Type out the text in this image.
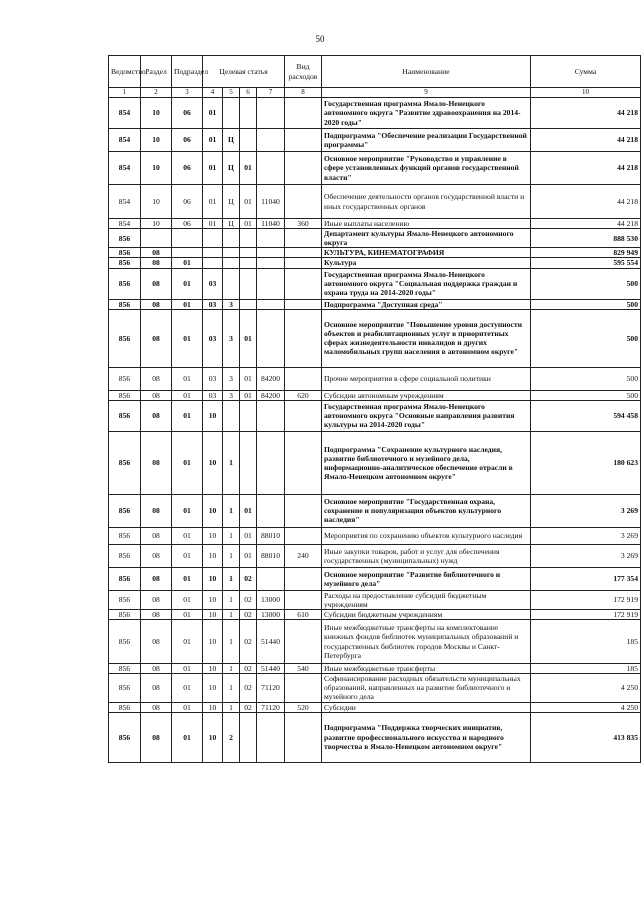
50
Ведомство	Раздел	Подраздел	Целевая статья				Вид расходов	Наименование	Сумма
1	2	3	4	5	6	7	8	9	10
854	10	06	01					Государственная программа Ямало-Ненецкого автономного округа "Развитие здравоохранения на 2014-2020 годы"	44 218
854	10	06	01	Ц				Подпрограмма "Обеспечение реализации Государственной программы"	44 218
854	10	06	01	Ц	01			Основное мероприятие "Руководство и управление в сфере установленных функций органов государственной власти"	44 218
854	10	06	01	Ц	01	11040		Обеспечение деятельности органов государственной власти и иных государственных органов	44 218
854	10	06	01	Ц	01	11040	360	Иные выплаты населению	44 218
856								Департамент культуры Ямало-Ненецкого автономного округа	888 530
856	08							КУЛЬТУРА, КИНЕМАТОГРАФИЯ	829 949
856	08	01						Культура	595 554
856	08	01	03					Государственная программа Ямало-Ненецкого автономного округа "Социальная поддержка граждан и охрана труда на 2014-2020 годы"	500
856	08	01	03	3				Подпрограмма "Доступная среда"	500
856	08	01	03	3	01			Основное мероприятие "Повышение уровня доступности объектов и реабилитационных услуг в приоритетных сферах жизнедеятельности инвалидов и других маломобильных групп населения в автономном округе"	500
856	08	01	03	3	01	84200		Прочие мероприятия в сфере социальной политики	500
856	08	01	03	3	01	84200	620	Субсидии автономным учреждениям	500
856	08	01	10					Государственная программа Ямало-Ненецкого автономного округа "Основные направления развития культуры на 2014-2020 годы"	594 458
856	08	01	10	1				Подпрограмма "Сохранение культурного наследия, развитие библиотечного и музейного дела, информационно-аналитическое обеспечение отрасли в Ямало-Ненецком автономном округе"	180 623
856	08	01	10	1	01			Основное мероприятие "Государственная охрана, сохранение и популяризация объектов культурного наследия"	3 269
856	08	01	10	1	01	88010		Мероприятия по сохранению объектов культурного наследия	3 269
856	08	01	10	1	01	88010	240	Иные закупки товаров, работ и услуг для обеспечения государственных (муниципальных) нужд	3 269
856	08	01	10	1	02			Основное мероприятие "Развитие библиотечного и музейного дела"	177 354
856	08	01	10	1	02	13000		Расходы на предоставление субсидий бюджетным учреждениям	172 919
856	08	01	10	1	02	13000	610	Субсидии бюджетным учреждениям	172 919
856	08	01	10	1	02	51440		Иные межбюджетные трансферты на комплектование книжных фондов библиотек муниципальных образований и государственных библиотек городов Москвы и Санкт-Петербурга	185
856	08	01	10	1	02	51440	540	Иные межбюджетные трансферты	185
856	08	01	10	1	02	71120		Софинансирование расходных обязательств муниципальных образований, направленных на развитие библиотечного и музейного дела	4 250
856	08	01	10	1	02	71120	520	Субсидии	4 250
856	08	01	10	2				Подпрограмма "Поддержка творческих инициатив, развитие профессионального искусства и народного творчества в Ямало-Ненецком автономном округе"	413 835
